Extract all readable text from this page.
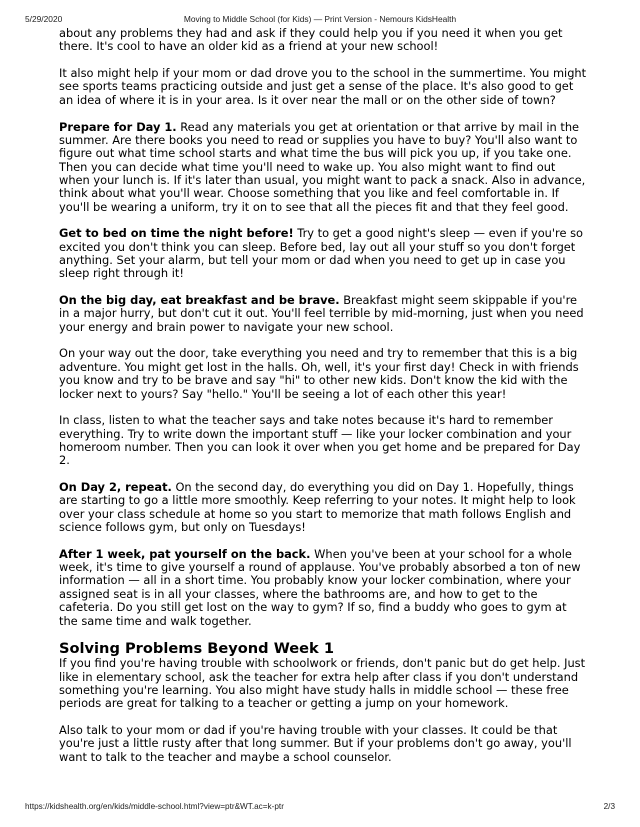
5/29/2020	Moving to Middle School (for Kids) — Print Version - Nemours KidsHealth

about any problems they had and ask if they could help you if you need it when you get there. It's cool to have an older kid as a friend at your new school!

It also might help if your mom or dad drove you to the school in the summertime. You might see sports teams practicing outside and just get a sense of the place. It's also good to get an idea of where it is in your area. Is it over near the mall or on the other side of town?

Prepare for Day 1. Read any materials you get at orientation or that arrive by mail in the summer. Are there books you need to read or supplies you have to buy? You'll also want to figure out what time school starts and what time the bus will pick you up, if you take one. Then you can decide what time you'll need to wake up. You also might want to find out when your lunch is. If it's later than usual, you might want to pack a snack. Also in advance, think about what you'll wear. Choose something that you like and feel comfortable in. If you'll be wearing a uniform, try it on to see that all the pieces fit and that they feel good.

Get to bed on time the night before! Try to get a good night's sleep — even if you're so excited you don't think you can sleep. Before bed, lay out all your stuff so you don't forget anything. Set your alarm, but tell your mom or dad when you need to get up in case you sleep right through it!

On the big day, eat breakfast and be brave. Breakfast might seem skippable if you're in a major hurry, but don't cut it out. You'll feel terrible by mid-morning, just when you need your energy and brain power to navigate your new school.

On your way out the door, take everything you need and try to remember that this is a big adventure. You might get lost in the halls. Oh, well, it's your first day! Check in with friends you know and try to be brave and say "hi" to other new kids. Don't know the kid with the locker next to yours? Say "hello." You'll be seeing a lot of each other this year!

In class, listen to what the teacher says and take notes because it's hard to remember everything. Try to write down the important stuff — like your locker combination and your homeroom number. Then you can look it over when you get home and be prepared for Day 2.

On Day 2, repeat. On the second day, do everything you did on Day 1. Hopefully, things are starting to go a little more smoothly. Keep referring to your notes. It might help to look over your class schedule at home so you start to memorize that math follows English and science follows gym, but only on Tuesdays!

After 1 week, pat yourself on the back. When you've been at your school for a whole week, it's time to give yourself a round of applause. You've probably absorbed a ton of new information — all in a short time. You probably know your locker combination, where your assigned seat is in all your classes, where the bathrooms are, and how to get to the cafeteria. Do you still get lost on the way to gym? If so, find a buddy who goes to gym at the same time and walk together.

Solving Problems Beyond Week 1

If you find you're having trouble with schoolwork or friends, don't panic but do get help. Just like in elementary school, ask the teacher for extra help after class if you don't understand something you're learning. You also might have study halls in middle school — these free periods are great for talking to a teacher or getting a jump on your homework.

Also talk to your mom or dad if you're having trouble with your classes. It could be that you're just a little rusty after that long summer. But if your problems don't go away, you'll want to talk to the teacher and maybe a school counselor.

https://kidshealth.org/en/kids/middle-school.html?view=ptr&WT.ac=k-ptr	2/3
